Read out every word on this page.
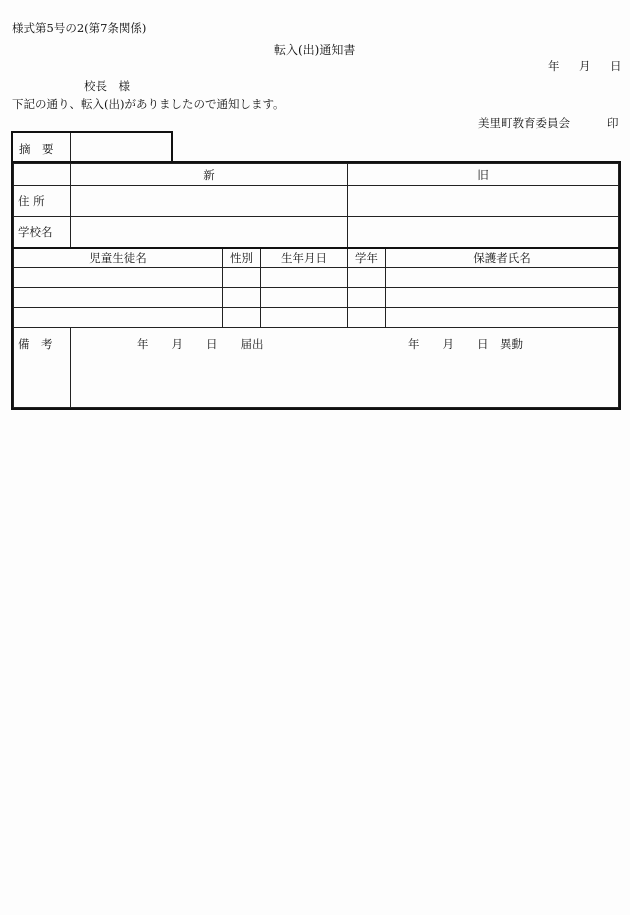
様式第5号の2(第7条関係)
転入(出)通知書
年　月　日
校長　様
下記の通り、転入(出)がありましたので通知します。
美里町教育委員会	印
摘　要
	新			旧	
住 所					
学校名					
児童生徒名		性別	生年月日	学年	保護者氏名

備　考	年　　月　　日　　届出 年　　月　　日　異動				
